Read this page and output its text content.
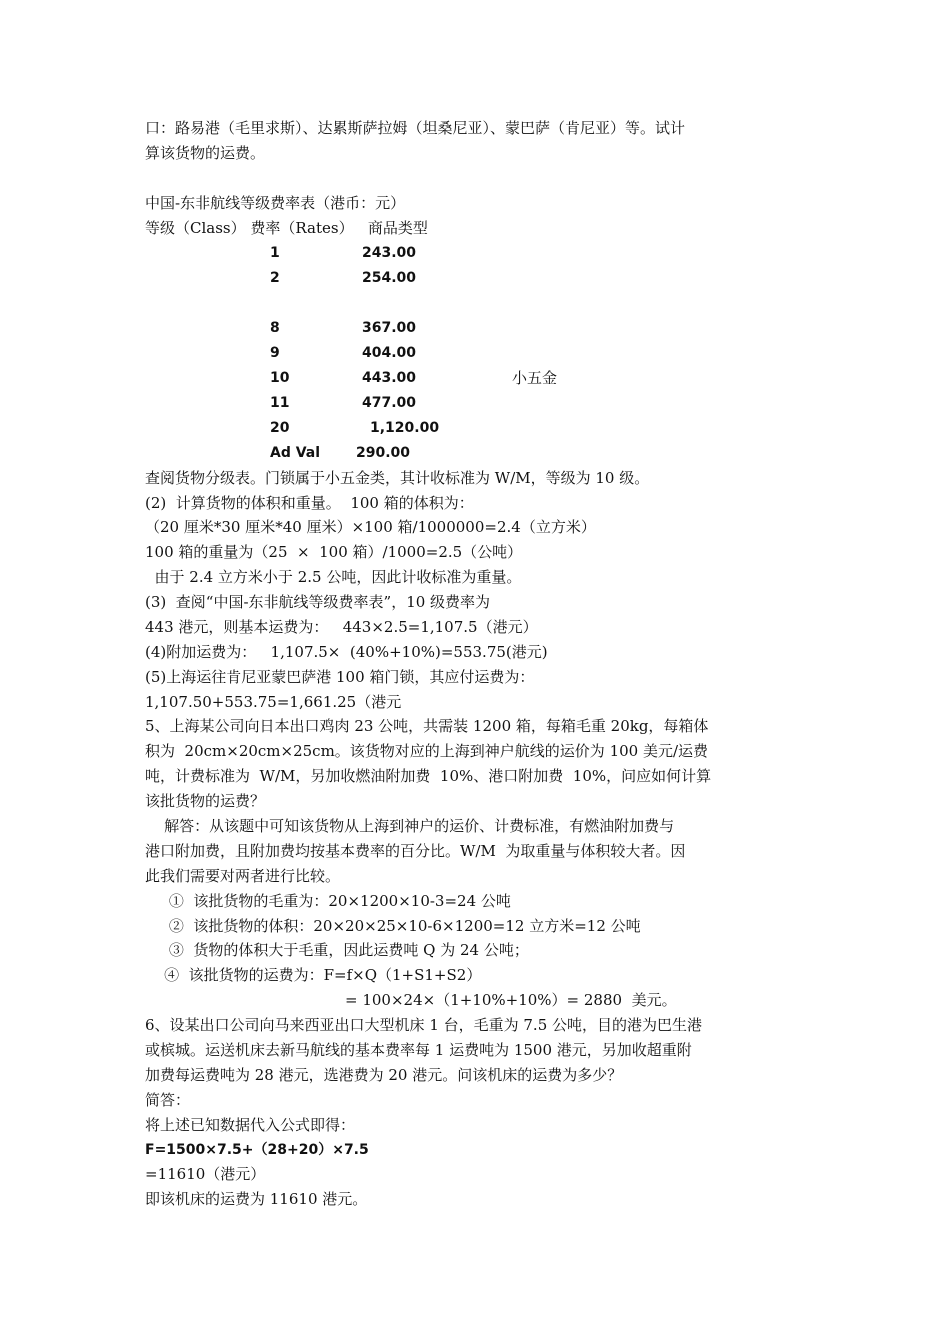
口：路易港（毛里求斯）、达累斯萨拉姆（坦桑尼亚）、蒙巴萨（肯尼亚）等。试计
算该货物的运费。
中国-东非航线等级费率表（港币：元）
等级（Class） 费率（Rates）   商品类型
1	243.00
2	254.00
8	367.00
9	404.00
10	443.00	小五金
11	477.00
20	1,120.00
Ad Val	290.00
查阅货物分级表。门锁属于小五金类，其计收标准为 W/M，等级为 10 级。
(2)  计算货物的体积和重量。  100 箱的体积为：
（20 厘米*30 厘米*40 厘米）×100 箱/1000000=2.4（立方米）
100 箱的重量为（25  ×  100 箱）/1000=2.5（公吨）
由于 2.4 立方米小于 2.5 公吨，因此计收标准为重量。
(3)  查阅“中国-东非航线等级费率表”，10 级费率为
443 港元，则基本运费为：   443×2.5=1,107.5（港元）
(4)附加运费为：   1,107.5×  (40%+10%)=553.75(港元)
(5)上海运往肯尼亚蒙巴萨港 100 箱门锁，其应付运费为：
1,107.50+553.75=1,661.25（港元
5、上海某公司向日本出口鸡肉 23 公吨，共需装 1200 箱，每箱毛重 20kg，每箱体
积为  20cm×20cm×25cm。该货物对应的上海到神户航线的运价为 100 美元/运费
吨，计费标准为  W/M，另加收燃油附加费  10%、港口附加费  10%，问应如何计算
该批货物的运费？
解答：从该题中可知该货物从上海到神户的运价、计费标准，有燃油附加费与
港口附加费，且附加费均按基本费率的百分比。W/M  为取重量与体积较大者。因
此我们需要对两者进行比较。
①  该批货物的毛重为：20×1200×10-3=24 公吨
②  该批货物的体积：20×20×25×10-6×1200=12 立方米=12 公吨
③  货物的体积大于毛重，因此运费吨 Q 为 24 公吨；
④  该批货物的运费为：F=f×Q（1+S1+S2）
= 100×24×（1+10%+10%）= 2880  美元。
6、设某出口公司向马来西亚出口大型机床 1 台，毛重为 7.5 公吨，目的港为巴生港
或槟城。运送机床去新马航线的基本费率每 1 运费吨为 1500 港元，另加收超重附
加费每运费吨为 28 港元，选港费为 20 港元。问该机床的运费为多少？
简答：
将上述已知数据代入公式即得：
F=1500×7.5+（28+20）×7.5
=11610（港元）
即该机床的运费为 11610 港元。
